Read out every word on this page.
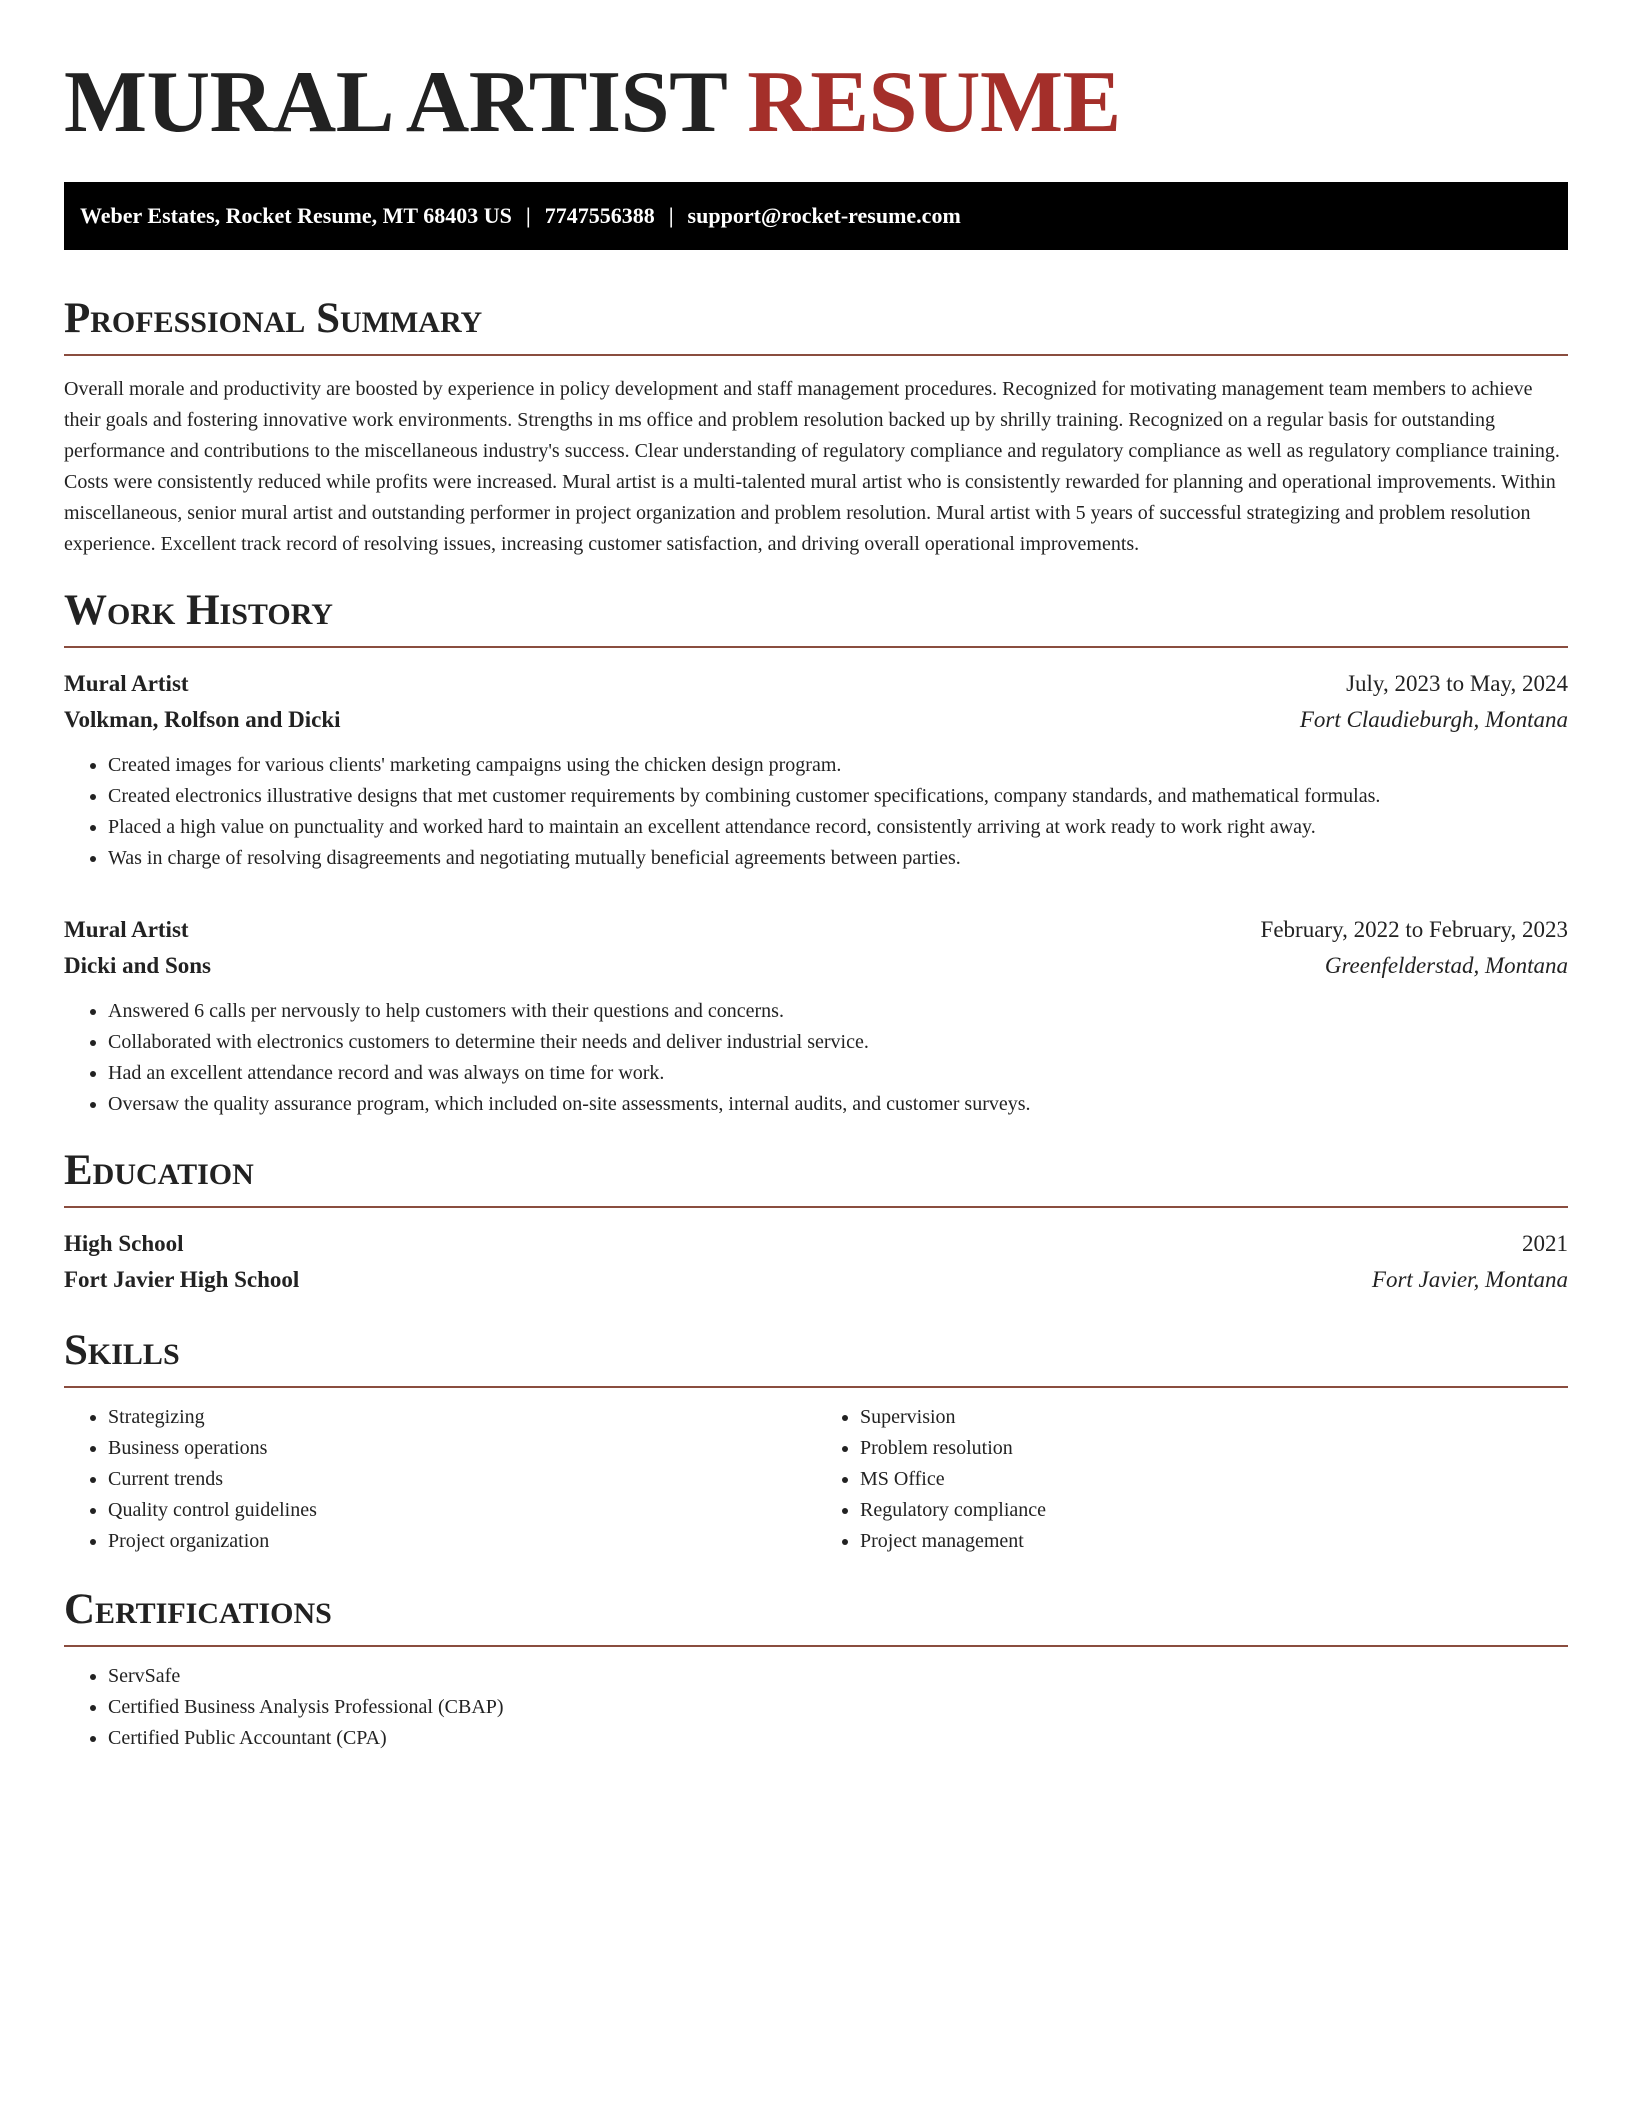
MURAL ARTIST RESUME
Weber Estates, Rocket Resume, MT 68403 US | 7747556388 | support@rocket-resume.com
Professional Summary

Overall morale and productivity are boosted by experience in policy development and staff management procedures. Recognized for motivating management team members to achieve their goals and fostering innovative work environments. Strengths in ms office and problem resolution backed up by shrilly training. Recognized on a regular basis for outstanding performance and contributions to the miscellaneous industry's success. Clear understanding of regulatory compliance and regulatory compliance as well as regulatory compliance training. Costs were consistently reduced while profits were increased. Mural artist is a multi-talented mural artist who is consistently rewarded for planning and operational improvements. Within miscellaneous, senior mural artist and outstanding performer in project organization and problem resolution. Mural artist with 5 years of successful strategizing and problem resolution experience. Excellent track record of resolving issues, increasing customer satisfaction, and driving overall operational improvements.

Work History
Mural Artist	July, 2023 to May, 2024
Volkman, Rolfson and Dicki	Fort Claudieburgh, Montana
• Created images for various clients' marketing campaigns using the chicken design program.
• Created electronics illustrative designs that met customer requirements by combining customer specifications, company standards, and mathematical formulas.
• Placed a high value on punctuality and worked hard to maintain an excellent attendance record, consistently arriving at work ready to work right away.
• Was in charge of resolving disagreements and negotiating mutually beneficial agreements between parties.
Mural Artist	February, 2022 to February, 2023
Dicki and Sons	Greenfelderstad, Montana
• Answered 6 calls per nervously to help customers with their questions and concerns.
• Collaborated with electronics customers to determine their needs and deliver industrial service.
• Had an excellent attendance record and was always on time for work.
• Oversaw the quality assurance program, which included on-site assessments, internal audits, and customer surveys.
Education
High School	2021
Fort Javier High School	Fort Javier, Montana
Skills
• Strategizing
• Business operations
• Current trends
• Quality control guidelines
• Project organization
• Supervision
• Problem resolution
• MS Office
• Regulatory compliance
• Project management
Certifications
• ServSafe
• Certified Business Analysis Professional (CBAP)
• Certified Public Accountant (CPA)
